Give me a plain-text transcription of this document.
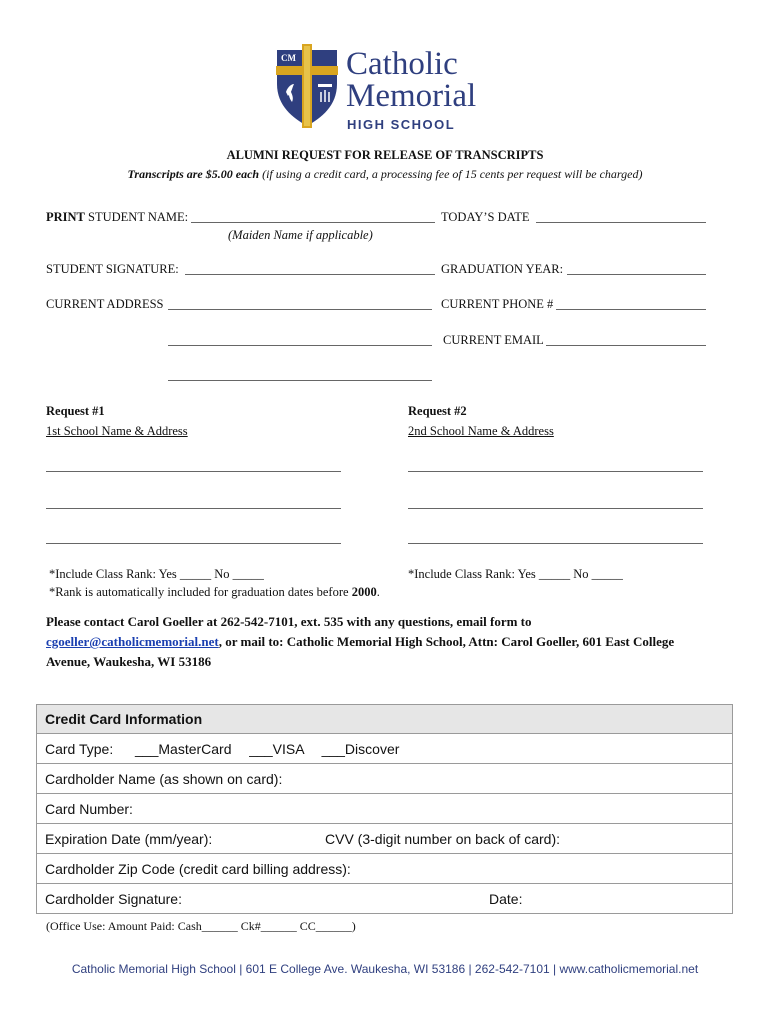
CM Catholic
Memorial
HIGH SCHOOL
ALUMNI REQUEST FOR RELEASE OF TRANSCRIPTS
Transcripts are $5.00 each (if using a credit card, a processing fee of 15 cents per request will be charged)
PRINT STUDENT NAME:	TODAY’S DATE
(Maiden Name if applicable)
STUDENT SIGNATURE:	GRADUATION YEAR:
CURRENT ADDRESS	CURRENT PHONE #
CURRENT EMAIL
Request #1
1st School Name & Address
Request #2
2nd School Name & Address
*Include Class Rank: Yes _____ No _____	*Include Class Rank: Yes _____ No _____
*Rank is automatically included for graduation dates before 2000.
Please contact Carol Goeller at 262-542-7101, ext. 535 with any questions, email form to
cgoeller@catholicmemorial.net, or mail to: Catholic Memorial High School, Attn: Carol Goeller, 601 East College
Avenue, Waukesha, WI 53186
Credit Card Information
Card Type: ___MasterCard ___VISA ___Discover
Cardholder Name (as shown on card):
Card Number:
Expiration Date (mm/year):	CVV (3-digit number on back of card):
Cardholder Zip Code (credit card billing address):
Cardholder Signature:	Date:
(Office Use: Amount Paid: Cash______ Ck#______ CC______)
Catholic Memorial High School | 601 E College Ave. Waukesha, WI 53186 | 262-542-7101 | www.catholicmemorial.net
